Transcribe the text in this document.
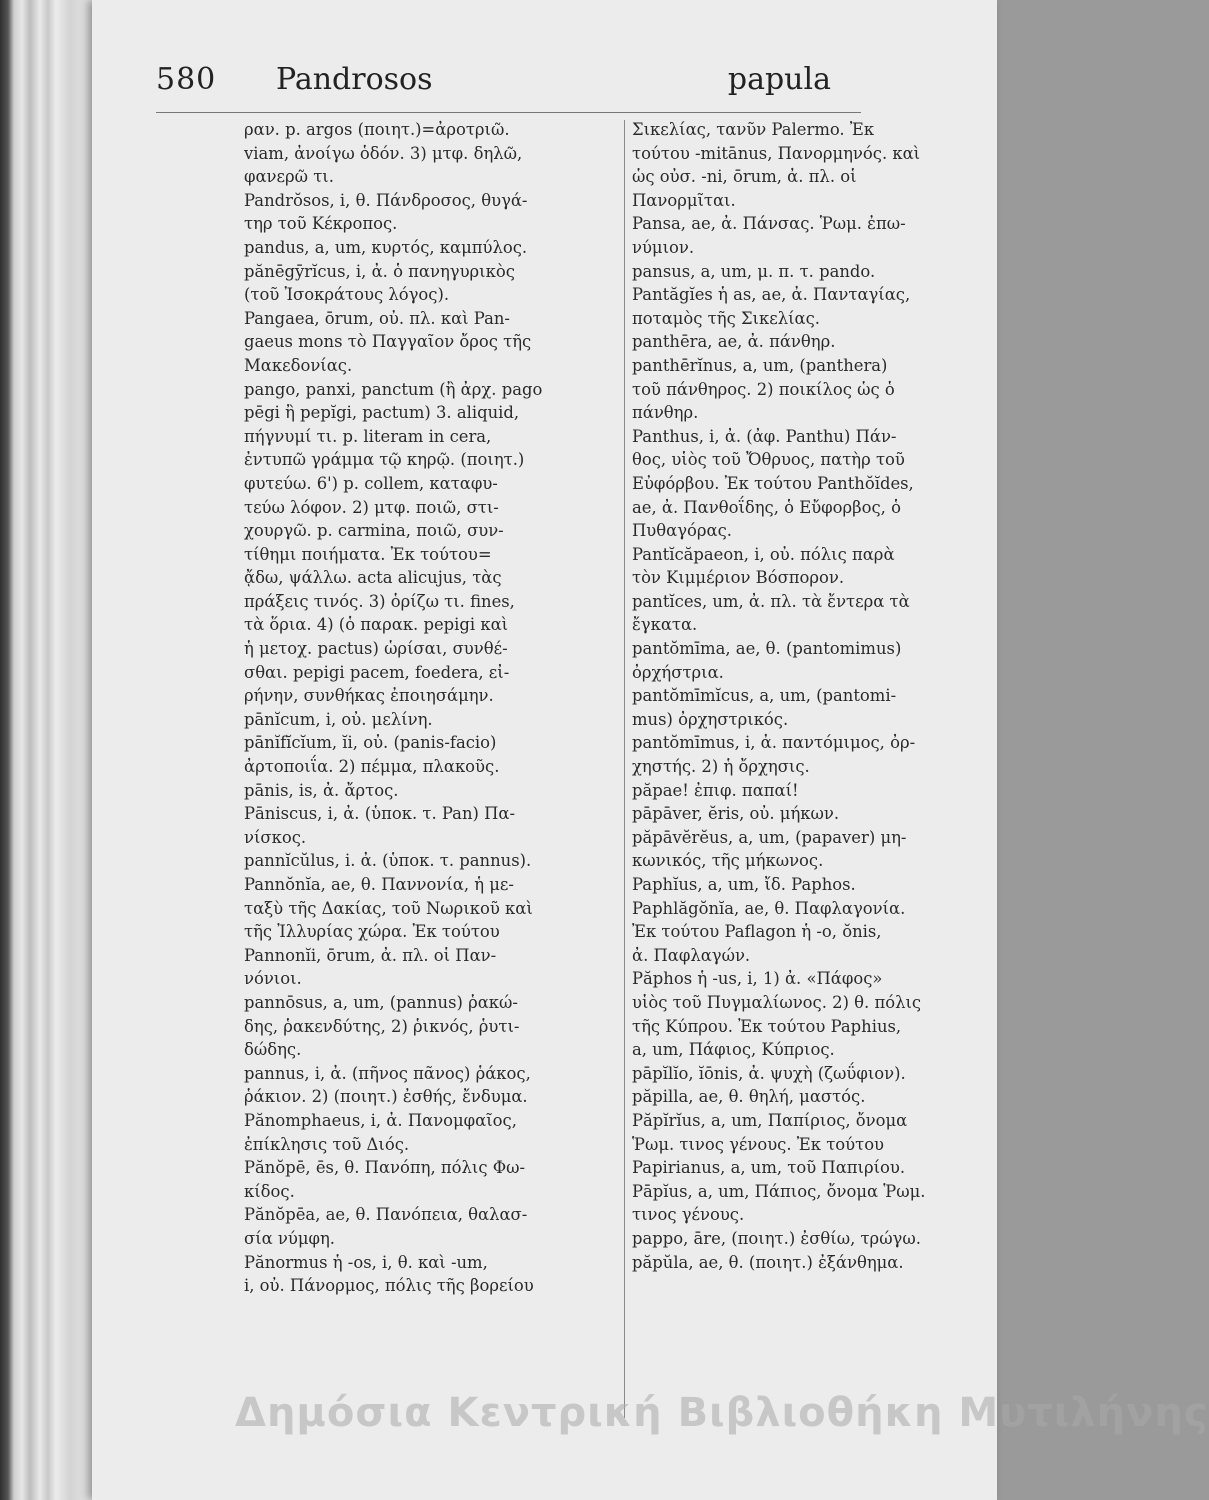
580 Pandrosos	papula
ραν. p. argos (ποιητ.)=ἀροτριῶ.
viam, ἀνοίγω ὁδόν. 3) μτφ. δηλῶ,
φανερῶ τι.
Pandrŏsos, i, θ. Πάνδροσος, θυγά-
τηρ τοῦ Κέκροπος.
pandus, a, um, κυρτός, καμπύλος.
pănēgȳrĭcus, i, ἀ. ὁ πανηγυρικὸς
(τοῦ Ἰσοκράτους λόγος).
Pangaea, ōrum, οὐ. πλ. καὶ Pan-
gaeus mons τὸ Παγγαῖον ὄρος τῆς
Μακεδονίας.
pango, panxi, panctum (ἢ ἀρχ. pago
pēgi ἢ pepĭgi, pactum) 3. aliquid,
πήγνυμί τι. p. literam in cera,
ἐντυπῶ γράμμα τῷ κηρῷ. (ποιητ.)
φυτεύω. 6') p. collem, καταφυ-
τεύω λόφον. 2) μτφ. ποιῶ, στι-
χουργῶ. p. carmina, ποιῶ, συν-
τίθημι ποιήματα. Ἐκ τούτου=
ᾄδω, ψάλλω. acta alicujus, τὰς
πράξεις τινός. 3) ὁρίζω τι. fines,
τὰ ὅρια. 4) (ὁ παρακ. pepigi καὶ
ἡ μετοχ. pactus) ὡρίσαι, συνθέ-
σθαι. pepigi pacem, foedera, εἰ-
ρήνην, συνθήκας ἐποιησάμην.
pānĭcum, i, οὐ. μελίνη.
pānĭfĭcĭum, ĭi, οὐ. (panis-facio)
ἀρτοποιΐα. 2) πέμμα, πλακοῦς.
pānis, is, ἀ. ἄρτος.
Pāniscus, i, ἀ. (ὑποκ. τ. Pan) Πα-
νίσκος.
pannĭcŭlus, i. ἀ. (ὑποκ. τ. pannus).
Pannŏnĭa, ae, θ. Παννονία, ἡ με-
ταξὺ τῆς Δακίας, τοῦ Νωρικοῦ καὶ
τῆς Ἰλλυρίας χώρα. Ἐκ τούτου
Pannonĭi, ōrum, ἀ. πλ. οἱ Παν-
νόνιοι.
pannōsus, a, um, (pannus) ῥακώ-
δης, ῥακενδύτης, 2) ῥικνός, ῥυτι-
δώδης.
pannus, i, ἀ. (πῆνος πᾶνος) ῥάκος,
ῥάκιον. 2) (ποιητ.) ἐσθής, ἔνδυμα.
Pănomphaeus, i, ἀ. Πανομφαῖος,
ἐπίκλησις τοῦ Διός.
Pănŏpē, ēs, θ. Πανόπη, πόλις Φω-
κίδος.
Pănŏpēa, ae, θ. Πανόπεια, θαλασ-
σία νύμφη.
Pănormus ἡ -os, i, θ. καὶ -um,
i, οὐ. Πάνορμος, πόλις τῆς βορείου
Σικελίας, τανῦν Palermo. Ἐκ
τούτου -mitānus, Πανορμηνός. καὶ
ὡς οὐσ. -ni, ōrum, ἀ. πλ. οἱ
Πανορμῖται.
Pansa, ae, ἀ. Πάνσας. Ῥωμ. ἐπω-
νύμιον.
pansus, a, um, μ. π. τ. pando.
Pantăgĭes ἡ as, ae, ἀ. Πανταγίας,
ποταμὸς τῆς Σικελίας.
panthēra, ae, ἀ. πάνθηρ.
panthērĭnus, a, um, (panthera)
τοῦ πάνθηρος. 2) ποικίλος ὡς ὁ
πάνθηρ.
Panthus, i, ἀ. (ἀφ. Panthu) Πάν-
θος, υἱὸς τοῦ Ὄθρυος, πατὴρ τοῦ
Εὐφόρβου. Ἐκ τούτου Panthŏĭdes,
ae, ἀ. Πανθοΐδης, ὁ Εὔφορβος, ὁ
Πυθαγόρας.
Pantĭcăpaeon, i, οὐ. πόλις παρὰ
τὸν Κιμμέριον Βόσπορον.
pantĭces, um, ἀ. πλ. τὰ ἔντερα τὰ
ἔγκατα.
pantŏmīma, ae, θ. (pantomimus)
ὀρχήστρια.
pantŏmīmĭcus, a, um, (pantomi-
mus) ὀρχηστρικός.
pantŏmīmus, i, ἀ. παντόμιμος, ὀρ-
χηστής. 2) ἡ ὄρχησις.
păpae! ἐπιφ. παπαί!
pāpāver, ĕris, οὐ. μήκων.
păpāvĕrĕus, a, um, (papaver) μη-
κωνικός, τῆς μήκωνος.
Paphĭus, a, um, ἴδ. Paphos.
Paphlăgŏnĭa, ae, θ. Παφλαγονία.
Ἐκ τούτου Paflagon ἡ -o, ŏnis,
ἀ. Παφλαγών.
Păphos ἡ -us, i, 1) ἀ. «Πάφος»
υἱὸς τοῦ Πυγμαλίωνος. 2) θ. πόλις
τῆς Κύπρου. Ἐκ τούτου Paphius,
a, um, Πάφιος, Κύπριος.
pāpĭlĭo, ĭōnis, ἀ. ψυχὴ (ζωΰφιον).
păpilla, ae, θ. θηλή, μαστός.
Păpĭrĭus, a, um, Παπίριος, ὄνομα
Ῥωμ. τινος γένους. Ἐκ τούτου
Papirianus, a, um, τοῦ Παπιρίου.
Pāpĭus, a, um, Πάπιος, ὄνομα Ῥωμ.
τινος γένους.
pappo, āre, (ποιητ.) ἐσθίω, τρώγω.
păpŭla, ae, θ. (ποιητ.) ἐξάνθημα.
Δημόσια Κεντρική Βιβλιοθήκη Μυτιλήνης
